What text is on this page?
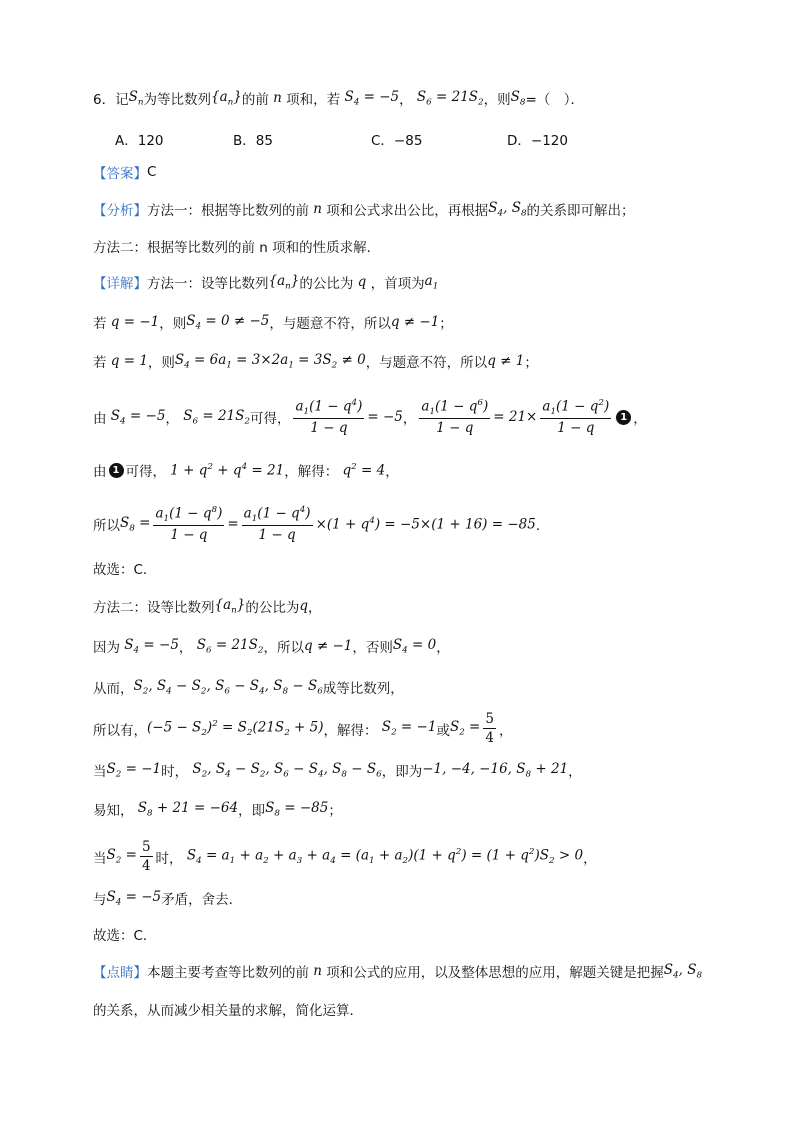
6．记 $S_n$ 为等比数列 $\{a_n\}$ 的前 n 项和，若 $S_4 = -5$ ， $S_6 = 21S_2$ ，则 $S_8$ =（　）．
A．120	B．85	C．−85	D．−120
【答案】 C
【分析】 方法一：根据等比数列的前 n 项和公式求出公比，再根据 $S_4$, $S_8$ 的关系即可解出；
方法二：根据等比数列的前 n 项和的性质求解．
【详解】 方法一：设等比数列 $\{a_n\}$ 的公比为 q ，首项为 $a_1$
若 q = −1 ，则 $S_4 = 0 \ne -5$ ，与题意不符，所以 q ≠ −1 ；
若 q = 1 ，则 $S_4 = 6a_1 = 3\times 2a_1 = 3S_2 \ne 0$ ，与题意不符，所以 q ≠ 1 ；
由 $S_4 = -5$ ， $S_6 = 21S_2$ 可得， $\frac{a_1(1 - q^4)}{1 - q} = -5$ ， $\frac{a_1(1 - q^6)}{1 - q} = 21\times \frac{a_1(1 - q^2)}{1 - q} 1$ ，
由 1 可得， $1 + q^2 + q^4 = 21$ ，解得： $q^2 = 4$ ，
所以 $S_8 = \frac{a_1(1 - q^8)}{1 - q} = \frac{a_1(1 - q^4)}{1 - q} \times(1 + q^4) = -5\times(1 + 16) = -85$ ．
故选：C．
方法二：设等比数列 $\{a_n\}$ 的公比为 q ，
因为 $S_4 = -5$ ， $S_6 = 21S_2$ ，所以 q ≠ −1 ，否则 $S_4 = 0$ ，
从而， $S_2$, $S_4 - S_2$, $S_6 - S_4$, $S_8 - S_6$ 成等比数列，
所以有， $(-5 - S_2)^2 = S_2(21S_2 + 5)$ ，解得： $S_2 = -1$ 或 $S_2 = \frac{5}{4}$ ，
当 $S_2 = -1$ 时， $S_2$, $S_4 - S_2$, $S_6 - S_4$, $S_8 - S_6$ ，即为 −1, −4, −16, $S_8 + 21$ ，
易知， $S_8 + 21 = -64$ ，即 $S_8 = -85$ ；
当 $S_2 = \frac{5}{4}$ 时， $S_4 = a_1 + a_2 + a_3 + a_4 = (a_1 + a_2)(1 + q^2) = (1 + q^2)S_2 > 0$ ，
与 $S_4 = -5$ 矛盾，舍去．
故选：C．
【点睛】 本题主要考查等比数列的前 n 项和公式的应用，以及整体思想的应用，解题关键是把握 $S_4$, $S_8$
的关系，从而减少相关量的求解，简化运算．
